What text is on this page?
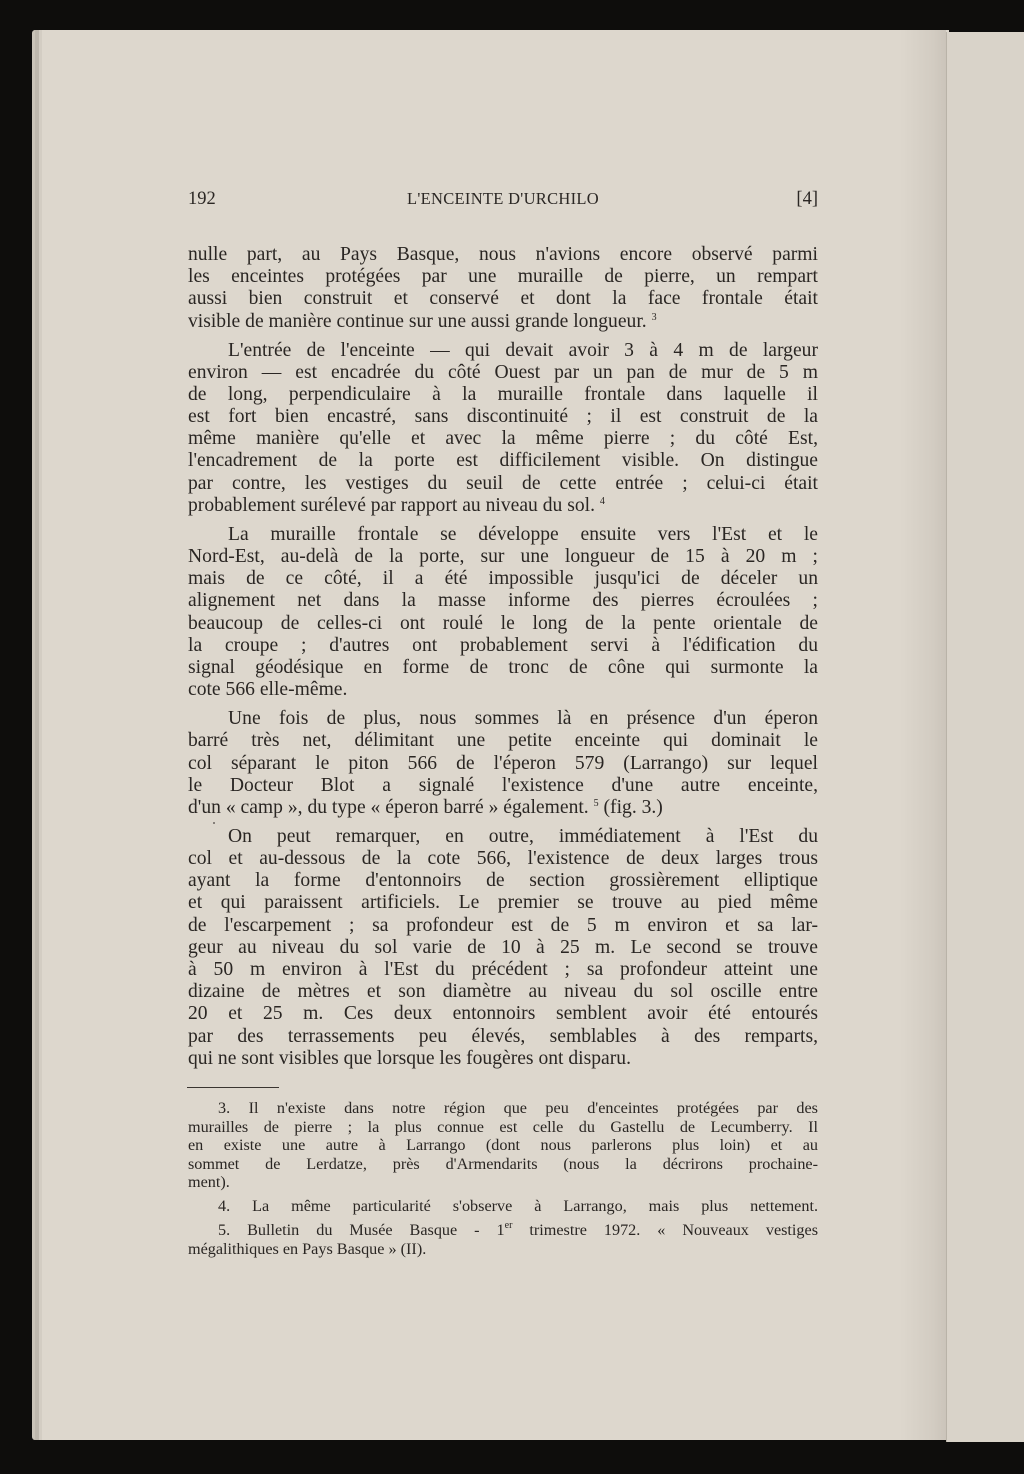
192	L'ENCEINTE D'URCHILO	[4]
nulle part, au Pays Basque, nous n'avions encore observé parmi
les enceintes protégées par une muraille de pierre, un rempart
aussi bien construit et conservé et dont la face frontale était
visible de manière continue sur une aussi grande longueur. $^3$
L'entrée de l'enceinte — qui devait avoir 3 à 4 m de largeur
environ — est encadrée du côté Ouest par un pan de mur de 5 m
de long, perpendiculaire à la muraille frontale dans laquelle il
est fort bien encastré, sans discontinuité ; il est construit de la
même manière qu'elle et avec la même pierre ; du côté Est,
l'encadrement de la porte est difficilement visible. On distingue
par contre, les vestiges du seuil de cette entrée ; celui-ci était
probablement surélevé par rapport au niveau du sol. $^4$
La muraille frontale se développe ensuite vers l'Est et le
Nord-Est, au-delà de la porte, sur une longueur de 15 à 20 m ;
mais de ce côté, il a été impossible jusqu'ici de déceler un
alignement net dans la masse informe des pierres écroulées ;
beaucoup de celles-ci ont roulé le long de la pente orientale de
la croupe ; d'autres ont probablement servi à l'édification du
signal géodésique en forme de tronc de cône qui surmonte la
cote 566 elle-même.
Une fois de plus, nous sommes là en présence d'un éperon
barré très net, délimitant une petite enceinte qui dominait le
col séparant le piton 566 de l'éperon 579 (Larrango) sur lequel
le Docteur Blot a signalé l'existence d'une autre enceinte,
d'un « camp », du type « éperon barré » également. $^5$ (fig. 3.)
On peut remarquer, en outre, immédiatement à l'Est du
col et au-dessous de la cote 566, l'existence de deux larges trous
ayant la forme d'entonnoirs de section grossièrement elliptique
et qui paraissent artificiels. Le premier se trouve au pied même
de l'escarpement ; sa profondeur est de 5 m environ et sa lar-
geur au niveau du sol varie de 10 à 25 m. Le second se trouve
à 50 m environ à l'Est du précédent ; sa profondeur atteint une
dizaine de mètres et son diamètre au niveau du sol oscille entre
20 et 25 m. Ces deux entonnoirs semblent avoir été entourés
par des terrassements peu élevés, semblables à des remparts,
qui ne sont visibles que lorsque les fougères ont disparu.
3. Il n'existe dans notre région que peu d'enceintes protégées par des
murailles de pierre ; la plus connue est celle du Gastellu de Lecumberry. Il
en existe une autre à Larrango (dont nous parlerons plus loin) et au
sommet de Lerdatze, près d'Armendarits (nous la décrirons prochaine-
ment).
4. La même particularité s'observe à Larrango, mais plus nettement.
5. Bulletin du Musée Basque - 1er trimestre 1972. « Nouveaux vestiges
mégalithiques en Pays Basque » (II).
